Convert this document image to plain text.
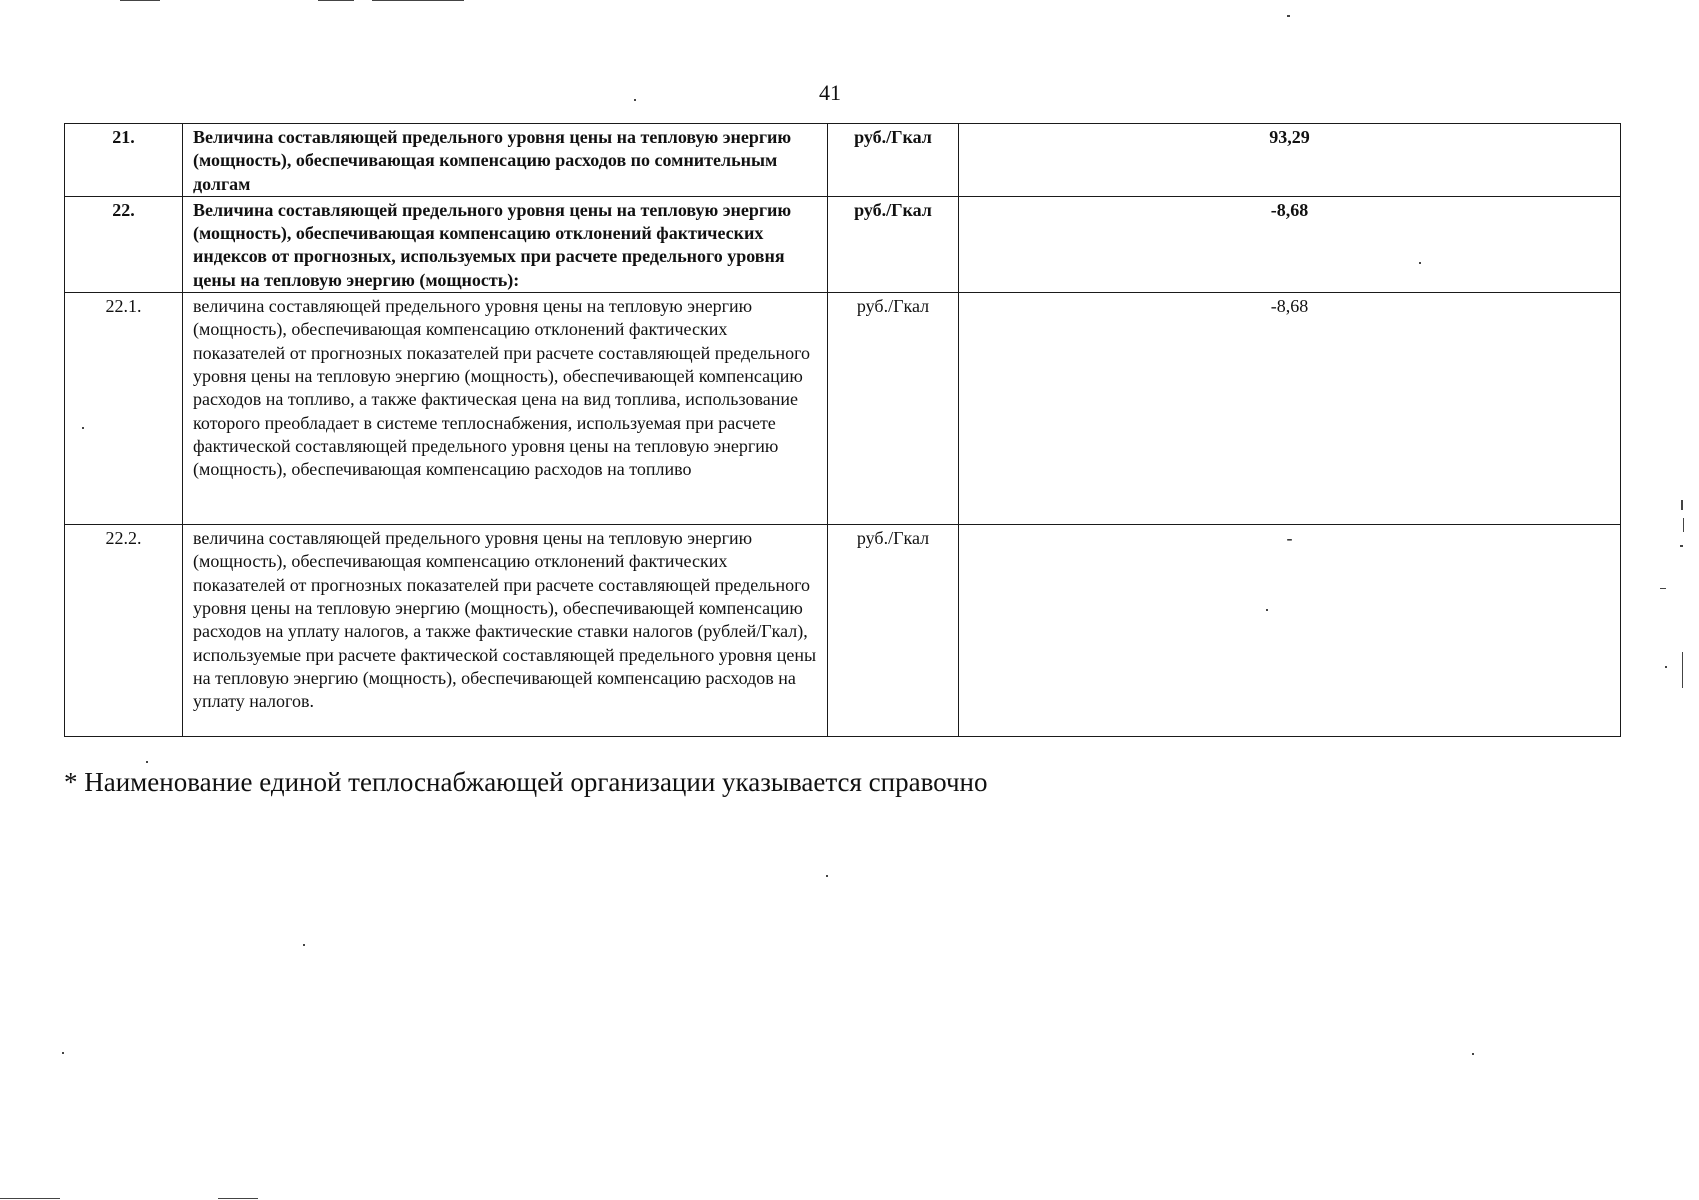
41
21.	Величина составляющей предельного уровня цены на тепловую энергию (мощность), обеспечивающая компенсацию расходов по сомнительным долгам	руб./Гкал	93,29
22.	Величина составляющей предельного уровня цены на тепловую энергию (мощность), обеспечивающая компенсацию отклонений фактических индексов от прогнозных, используемых при расчете предельного уровня цены на тепловую энергию (мощность):	руб./Гкал	-8,68
22.1.	величина составляющей предельного уровня цены на тепловую энергию (мощность), обеспечивающая компенсацию отклонений фактических показателей от прогнозных показателей при расчете составляющей предельного уровня цены на тепловую энергию (мощность), обеспечивающей компенсацию расходов на топливо, а также фактическая цена на вид топлива, использование которого преобладает в системе теплоснабжения, используемая при расчете фактической составляющей предельного уровня цены на тепловую энергию (мощность), обеспечивающая компенсацию расходов на топливо	руб./Гкал	-8,68
22.2.	величина составляющей предельного уровня цены на тепловую энергию (мощность), обеспечивающая компенсацию отклонений фактических показателей от прогнозных показателей при расчете составляющей предельного уровня цены на тепловую энергию (мощность), обеспечивающей компенсацию расходов на уплату налогов, а также фактические ставки налогов (рублей/Гкал), используемые при расчете фактической составляющей предельного уровня цены на тепловую энергию (мощность), обеспечивающей компенсацию расходов на уплату налогов.	руб./Гкал	-
* Наименование единой теплоснабжающей организации указывается справочно
